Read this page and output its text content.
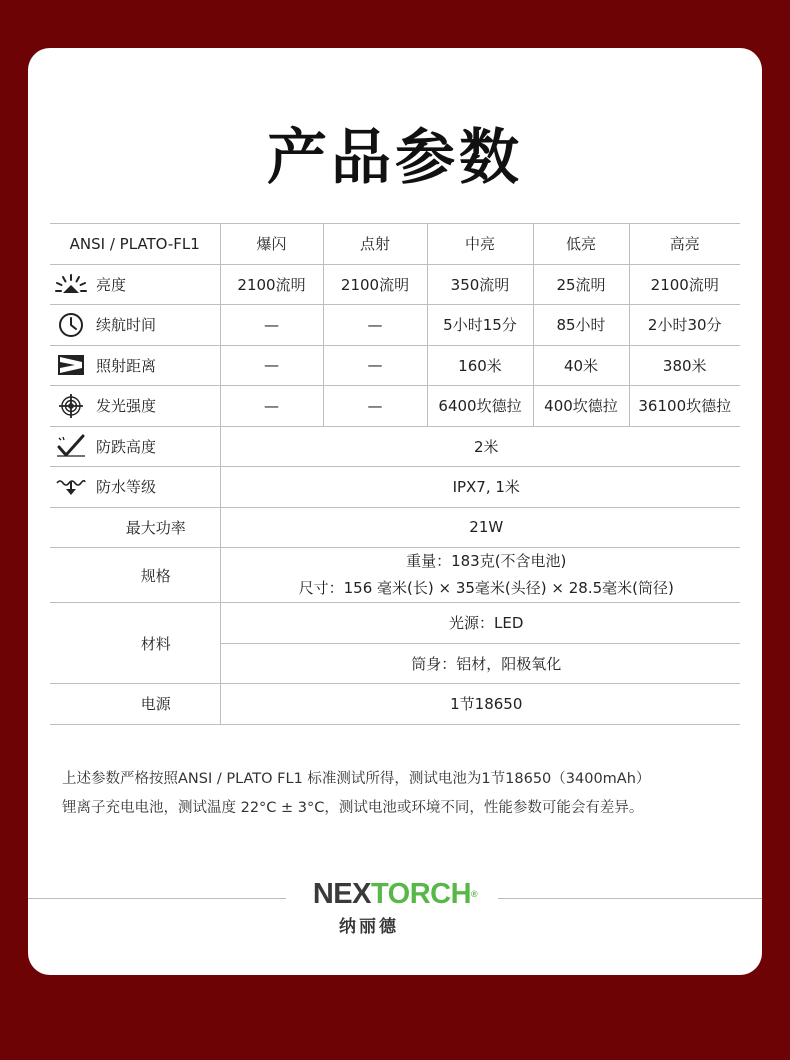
产品参数
ANSI / PLATO-FL1	爆闪	点射	中亮	低亮	高亮

亮度	2100流明	2100流明	350流明	25流明	2100流明

续航时间	—	—	5小时15分	85小时	2小时30分

照射距离	—	—	160米	40米	380米

发光强度	—	—	6400坎德拉	400坎德拉	36100坎德拉

防跌高度	2米				

防水等级	IPX7, 1米				
最大功率	21W				
规格	重量：183克(不含电池)
尺寸：156 毫米(长) × 35毫米(头径) × 28.5毫米(筒径)				

材料	光源：LED				
	筒身：铝材，阳极氧化				
电源	1节18650				
上述参数严格按照ANSI / PLATO FL1 标准测试所得，测试电池为1节18650（3400mAh）
锂离子充电电池，测试温度 22°C ± 3°C，测试电池或环境不同，性能参数可能会有差异。
NEXTORCH®
纳丽德
